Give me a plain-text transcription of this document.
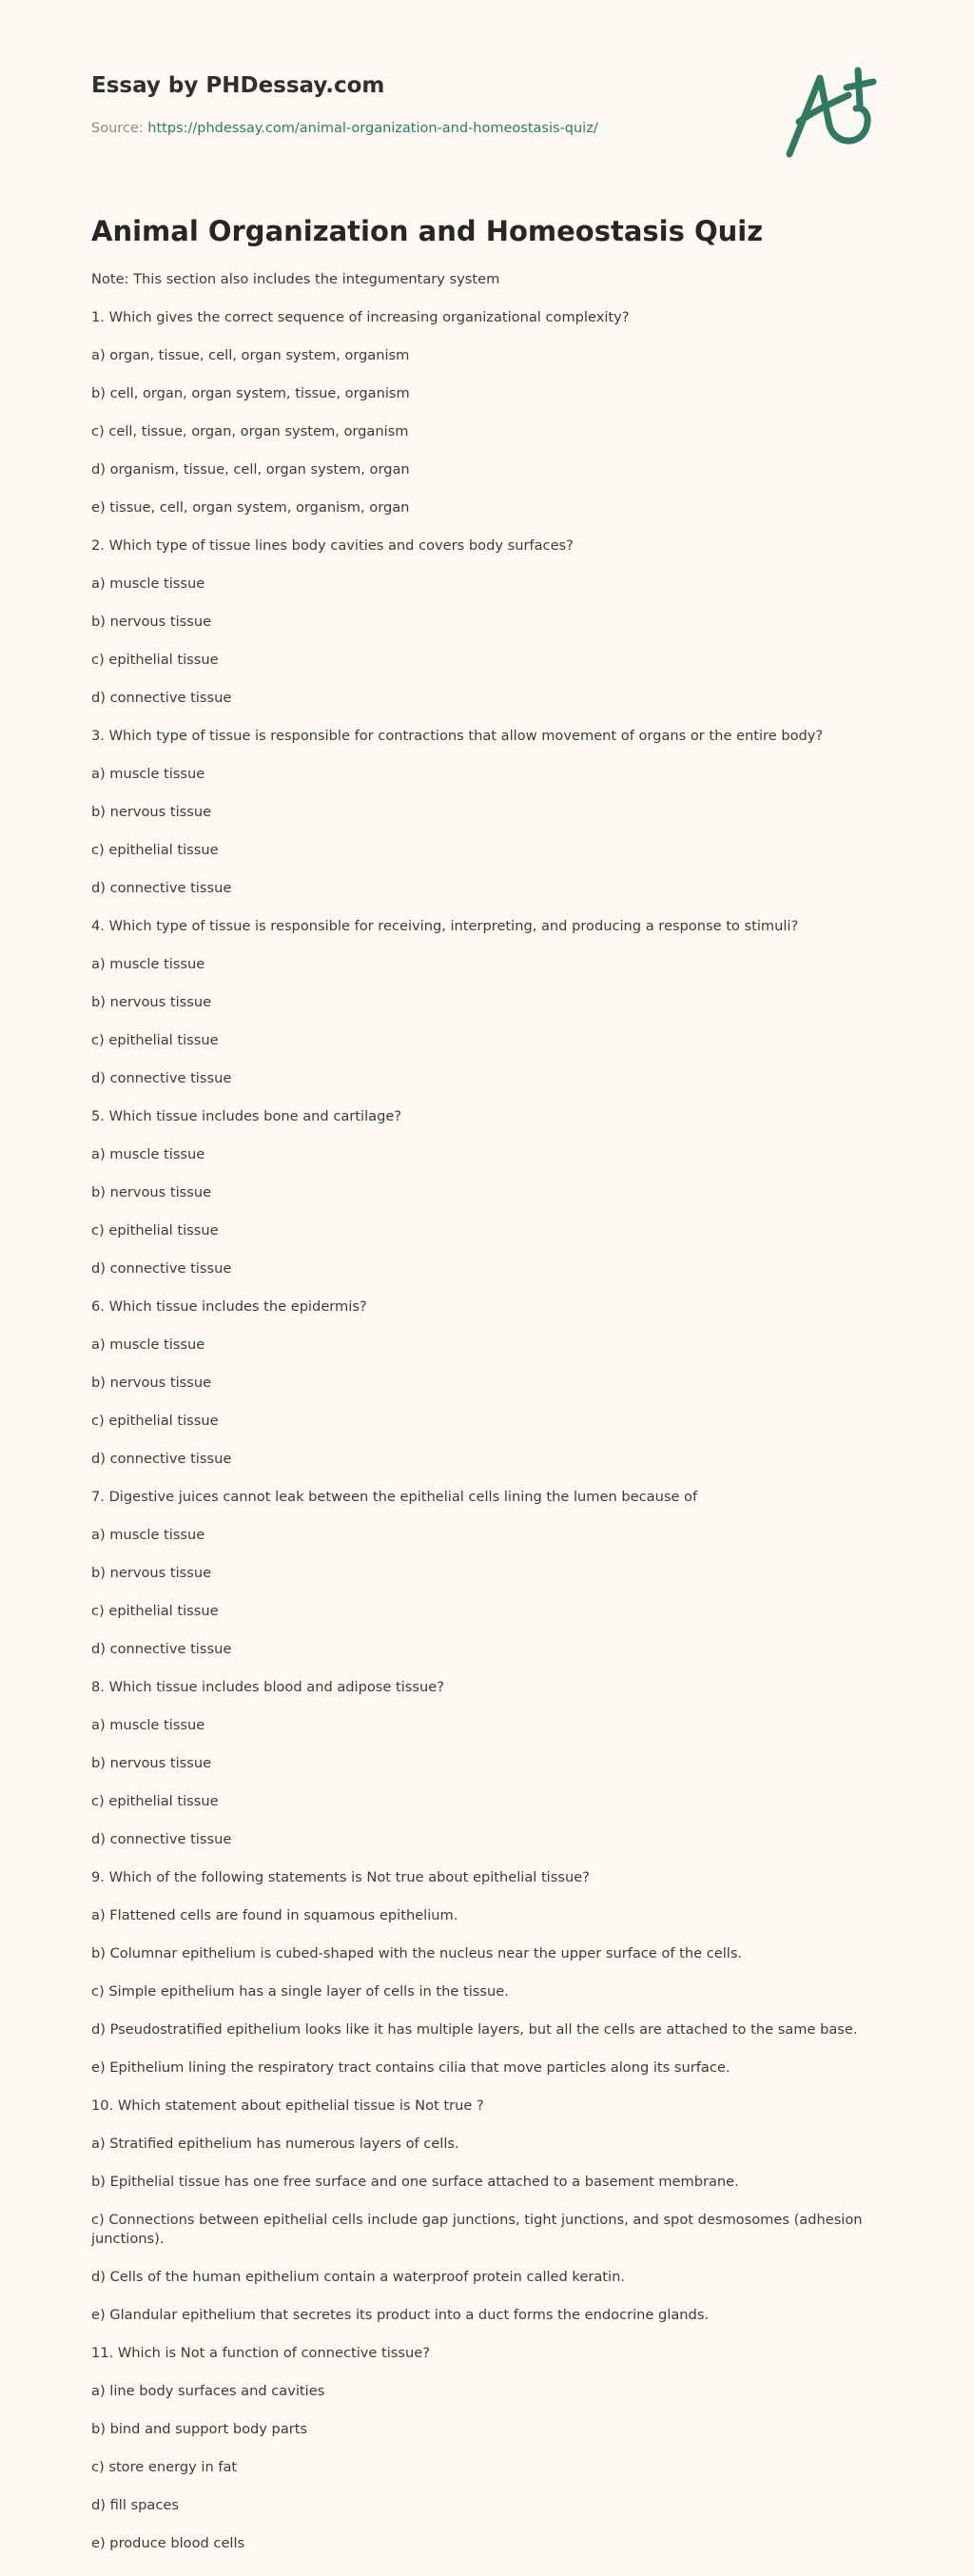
Essay by PHDessay.com
Source: https://phdessay.com/animal-organization-and-homeostasis-quiz/
Animal Organization and Homeostasis Quiz

Note: This section also includes the integumentary system

1. Which gives the correct sequence of increasing organizational complexity?

a) organ, tissue, cell, organ system, organism

b) cell, organ, organ system, tissue, organism

c) cell, tissue, organ, organ system, organism

d) organism, tissue, cell, organ system, organ

e) tissue, cell, organ system, organism, organ

2. Which type of tissue lines body cavities and covers body surfaces?

a) muscle tissue

b) nervous tissue

c) epithelial tissue

d) connective tissue

3. Which type of tissue is responsible for contractions that allow movement of organs or the entire body?

a) muscle tissue

b) nervous tissue

c) epithelial tissue

d) connective tissue

4. Which type of tissue is responsible for receiving, interpreting, and producing a response to stimuli?

a) muscle tissue

b) nervous tissue

c) epithelial tissue

d) connective tissue

5. Which tissue includes bone and cartilage?

a) muscle tissue

b) nervous tissue

c) epithelial tissue

d) connective tissue

6. Which tissue includes the epidermis?

a) muscle tissue

b) nervous tissue

c) epithelial tissue

d) connective tissue

7. Digestive juices cannot leak between the epithelial cells lining the lumen because of

a) muscle tissue

b) nervous tissue

c) epithelial tissue

d) connective tissue

8. Which tissue includes blood and adipose tissue?

a) muscle tissue

b) nervous tissue

c) epithelial tissue

d) connective tissue

9. Which of the following statements is Not true about epithelial tissue?

a) Flattened cells are found in squamous epithelium.

b) Columnar epithelium is cubed-shaped with the nucleus near the upper surface of the cells.

c) Simple epithelium has a single layer of cells in the tissue.

d) Pseudostratified epithelium looks like it has multiple layers, but all the cells are attached to the same base.

e) Epithelium lining the respiratory tract contains cilia that move particles along its surface.

10. Which statement about epithelial tissue is Not true ?

a) Stratified epithelium has numerous layers of cells.

b) Epithelial tissue has one free surface and one surface attached to a basement membrane.

c) Connections between epithelial cells include gap junctions, tight junctions, and spot desmosomes (adhesion junctions).

d) Cells of the human epithelium contain a waterproof protein called keratin.

e) Glandular epithelium that secretes its product into a duct forms the endocrine glands.

11. Which is Not a function of connective tissue?

a) line body surfaces and cavities

b) bind and support body parts

c) store energy in fat

d) fill spaces

e) produce blood cells
